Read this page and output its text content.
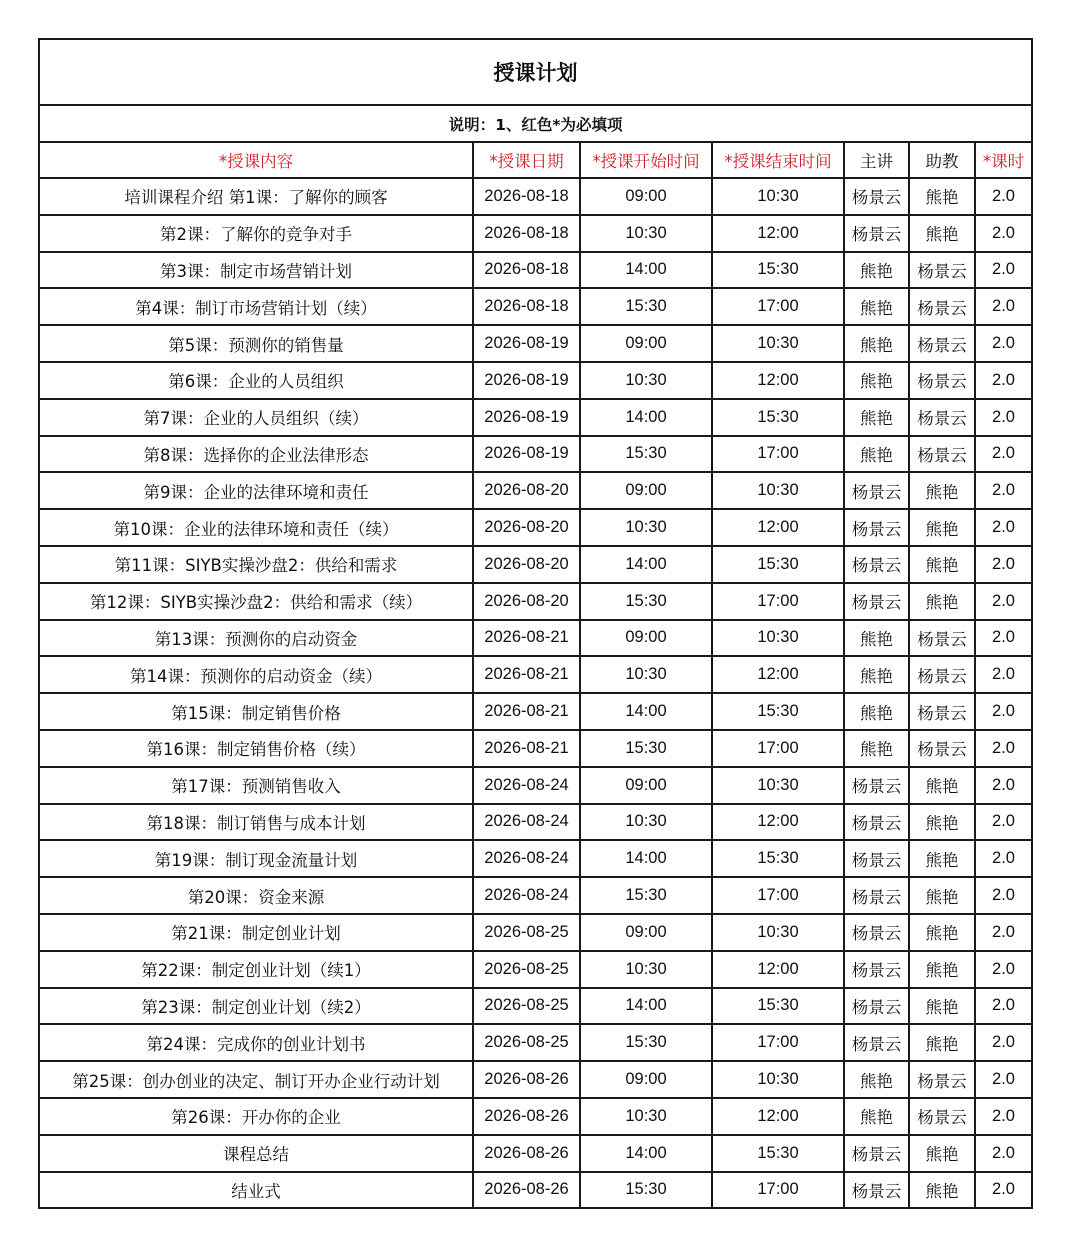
授课计划						
说明：1、红色*为必填项						
*授课内容	*授课日期	*授课开始时间	*授课结束时间	主讲	助教	*课时
培训课程介绍 第1课：了解你的顾客	2026-08-18	09:00	10:30	杨景云	熊艳	2.0
第2课：了解你的竞争对手	2026-08-18	10:30	12:00	杨景云	熊艳	2.0
第3课：制定市场营销计划	2026-08-18	14:00	15:30	熊艳	杨景云	2.0
第4课：制订市场营销计划（续）	2026-08-18	15:30	17:00	熊艳	杨景云	2.0
第5课：预测你的销售量	2026-08-19	09:00	10:30	熊艳	杨景云	2.0
第6课：企业的人员组织	2026-08-19	10:30	12:00	熊艳	杨景云	2.0
第7课：企业的人员组织（续）	2026-08-19	14:00	15:30	熊艳	杨景云	2.0
第8课：选择你的企业法律形态	2026-08-19	15:30	17:00	熊艳	杨景云	2.0
第9课：企业的法律环境和责任	2026-08-20	09:00	10:30	杨景云	熊艳	2.0
第10课：企业的法律环境和责任（续）	2026-08-20	10:30	12:00	杨景云	熊艳	2.0
第11课：SIYB实操沙盘2：供给和需求	2026-08-20	14:00	15:30	杨景云	熊艳	2.0
第12课：SIYB实操沙盘2：供给和需求（续）	2026-08-20	15:30	17:00	杨景云	熊艳	2.0
第13课：预测你的启动资金	2026-08-21	09:00	10:30	熊艳	杨景云	2.0
第14课：预测你的启动资金（续）	2026-08-21	10:30	12:00	熊艳	杨景云	2.0
第15课：制定销售价格	2026-08-21	14:00	15:30	熊艳	杨景云	2.0
第16课：制定销售价格（续）	2026-08-21	15:30	17:00	熊艳	杨景云	2.0
第17课：预测销售收入	2026-08-24	09:00	10:30	杨景云	熊艳	2.0
第18课：制订销售与成本计划	2026-08-24	10:30	12:00	杨景云	熊艳	2.0
第19课：制订现金流量计划	2026-08-24	14:00	15:30	杨景云	熊艳	2.0
第20课：资金来源	2026-08-24	15:30	17:00	杨景云	熊艳	2.0
第21课：制定创业计划	2026-08-25	09:00	10:30	杨景云	熊艳	2.0
第22课：制定创业计划（续1）	2026-08-25	10:30	12:00	杨景云	熊艳	2.0
第23课：制定创业计划（续2）	2026-08-25	14:00	15:30	杨景云	熊艳	2.0
第24课：完成你的创业计划书	2026-08-25	15:30	17:00	杨景云	熊艳	2.0
第25课：创办创业的决定、制订开办企业行动计划	2026-08-26	09:00	10:30	熊艳	杨景云	2.0
第26课：开办你的企业	2026-08-26	10:30	12:00	熊艳	杨景云	2.0
课程总结	2026-08-26	14:00	15:30	杨景云	熊艳	2.0
结业式	2026-08-26	15:30	17:00	杨景云	熊艳	2.0
